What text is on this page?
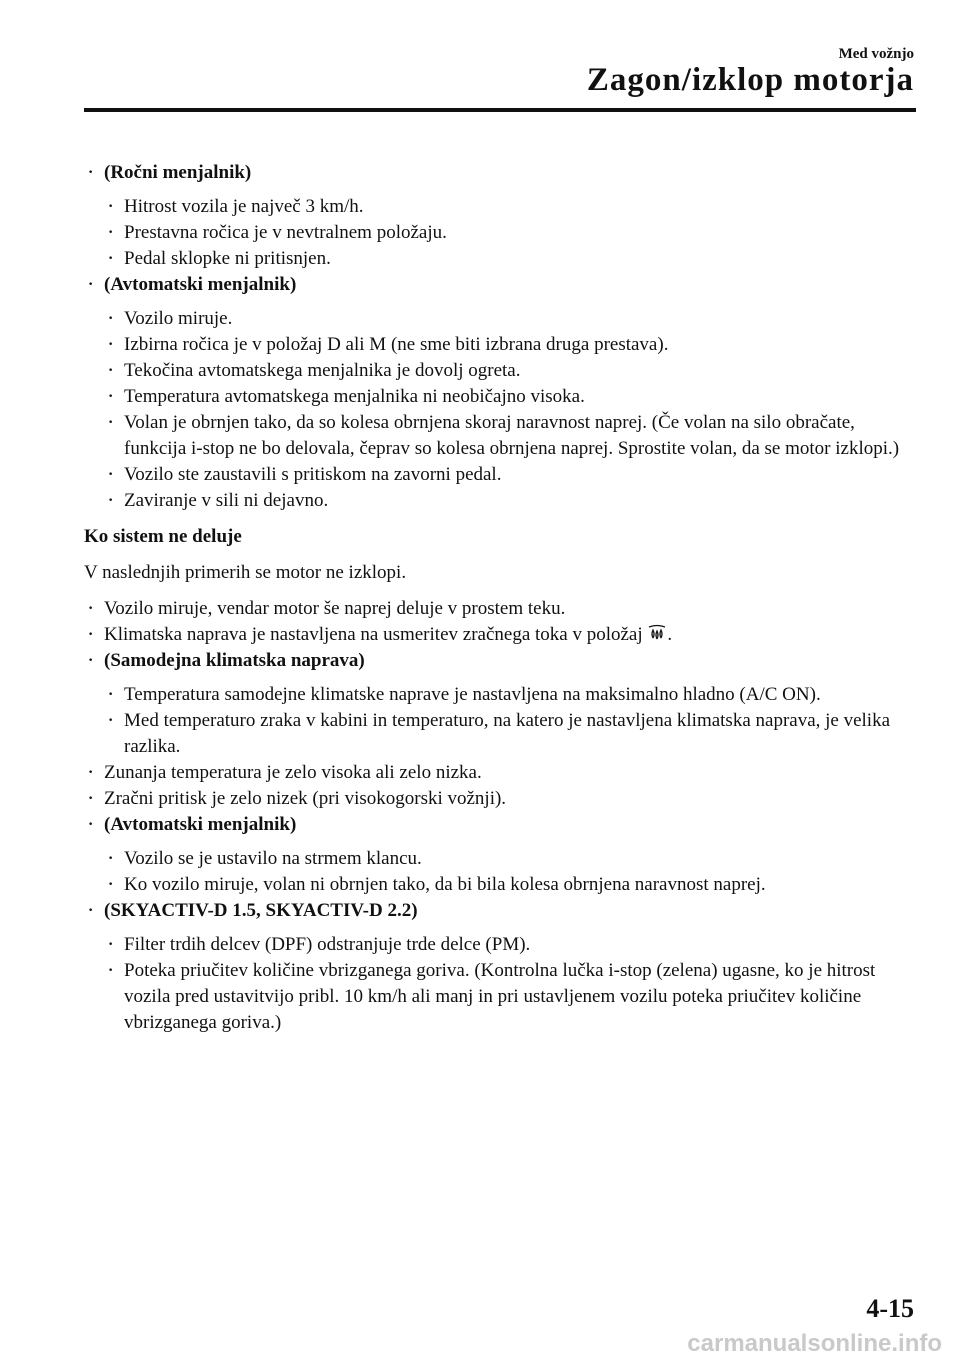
Med vožnjo
Zagon/izklop motorja
· (Ročni menjalnik)
· Hitrost vozila je največ 3 km/h.
· Prestavna ročica je v nevtralnem položaju.
· Pedal sklopke ni pritisnjen.
· (Avtomatski menjalnik)
· Vozilo miruje.
· Izbirna ročica je v položaj D ali M (ne sme biti izbrana druga prestava).
· Tekočina avtomatskega menjalnika je dovolj ogreta.
· Temperatura avtomatskega menjalnika ni neobičajno visoka.
· Volan je obrnjen tako, da so kolesa obrnjena skoraj naravnost naprej. (Če volan na silo obračate, funkcija i-stop ne bo delovala, čeprav so kolesa obrnjena naprej. Sprostite volan, da se motor izklopi.)
· Vozilo ste zaustavili s pritiskom na zavorni pedal.
· Zaviranje v sili ni dejavno.
Ko sistem ne deluje
V naslednjih primerih se motor ne izklopi.
· Vozilo miruje, vendar motor še naprej deluje v prostem teku.
· Klimatska naprava je nastavljena na usmeritev zračnega toka v položaj .
· (Samodejna klimatska naprava)
· Temperatura samodejne klimatske naprave je nastavljena na maksimalno hladno (A/C ON).
· Med temperaturo zraka v kabini in temperaturo, na katero je nastavljena klimatska naprava, je velika razlika.
· Zunanja temperatura je zelo visoka ali zelo nizka.
· Zračni pritisk je zelo nizek (pri visokogorski vožnji).
· (Avtomatski menjalnik)
· Vozilo se je ustavilo na strmem klancu.
· Ko vozilo miruje, volan ni obrnjen tako, da bi bila kolesa obrnjena naravnost naprej.
· (SKYACTIV-D 1.5, SKYACTIV-D 2.2)
· Filter trdih delcev (DPF) odstranjuje trde delce (PM).
· Poteka priučitev količine vbrizganega goriva. (Kontrolna lučka i-stop (zelena) ugasne, ko je hitrost vozila pred ustavitvijo pribl. 10 km/h ali manj in pri ustavljenem vozilu poteka priučitev količine vbrizganega goriva.)
4-15
carmanualsonline.info
